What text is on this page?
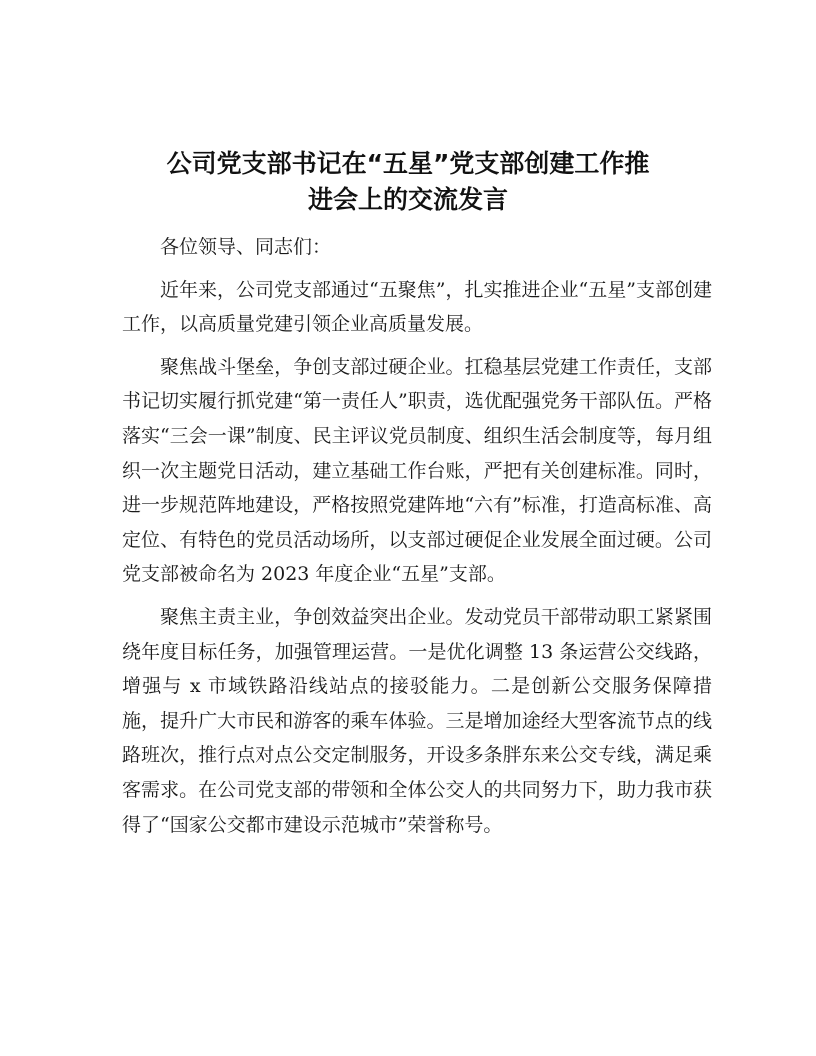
公司党支部书记在“五星”党支部创建工作推
进会上的交流发言

各位领导、同志们：

近年来，公司党支部通过“五聚焦”，扎实推进企业“五星”支部创建工作，以高质量党建引领企业高质量发展。

聚焦战斗堡垒，争创支部过硬企业。扛稳基层党建工作责任，支部书记切实履行抓党建“第一责任人”职责，选优配强党务干部队伍。严格落实“三会一课”制度、民主评议党员制度、组织生活会制度等，每月组织一次主题党日活动，建立基础工作台账，严把有关创建标准。同时，进一步规范阵地建设，严格按照党建阵地“六有”标准，打造高标准、高定位、有特色的党员活动场所，以支部过硬促企业发展全面过硬。公司党支部被命名为 2023 年度企业“五星”支部。

聚焦主责主业，争创效益突出企业。发动党员干部带动职工紧紧围绕年度目标任务，加强管理运营。一是优化调整 13 条运营公交线路，增强与 x 市域铁路沿线站点的接驳能力。二是创新公交服务保障措施，提升广大市民和游客的乘车体验。三是增加途经大型客流节点的线路班次，推行点对点公交定制服务，开设多条胖东来公交专线，满足乘客需求。在公司党支部的带领和全体公交人的共同努力下，助力我市获得了“国家公交都市建设示范城市”荣誉称号。
